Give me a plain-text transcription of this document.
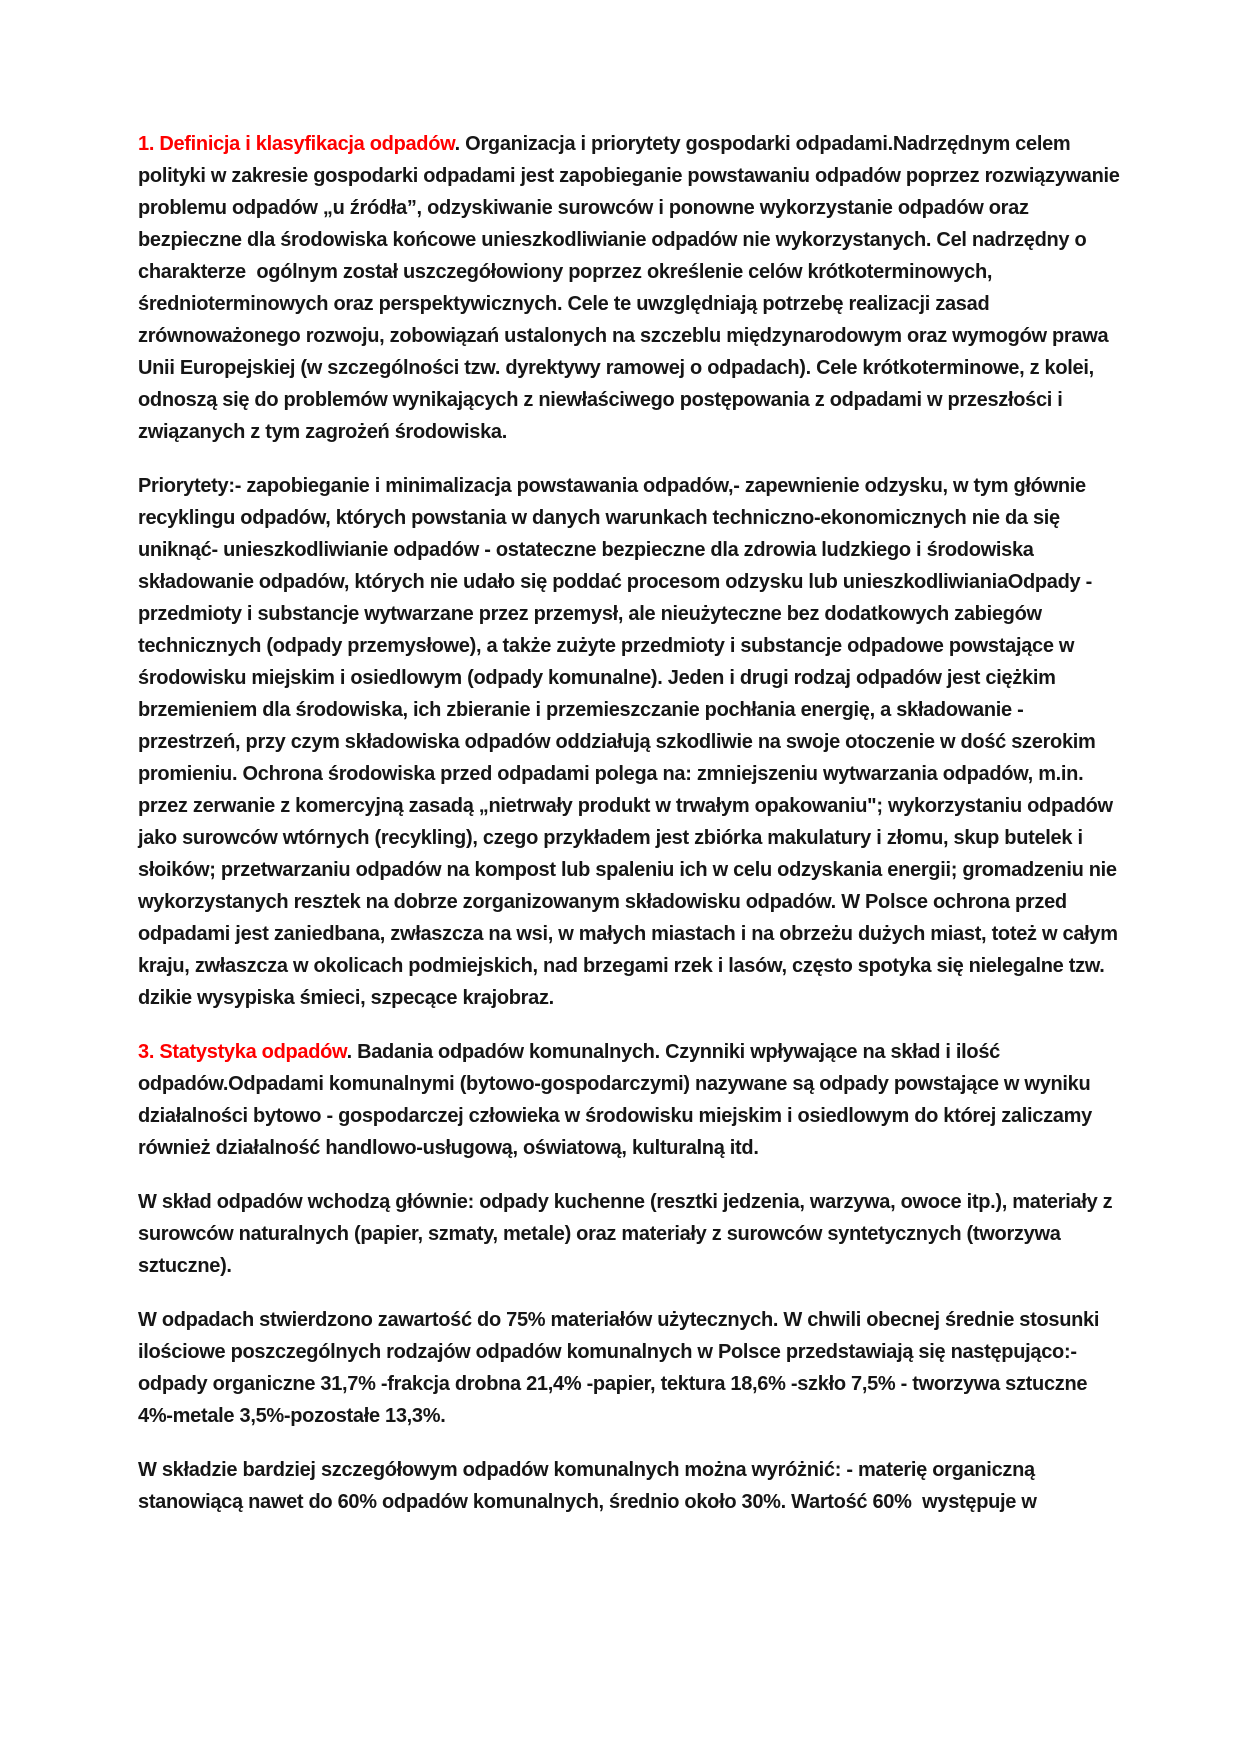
1. Definicja i klasyfikacja odpadów. Organizacja i priorytety gospodarki odpadami.Nadrzędnym celem polityki w zakresie gospodarki odpadami jest zapobieganie powstawaniu odpadów poprzez rozwiązywanie problemu odpadów „u źródła”, odzyskiwanie surowców i ponowne wykorzystanie odpadów oraz bezpieczne dla środowiska końcowe unieszkodliwianie odpadów nie wykorzystanych. Cel nadrzędny o charakterze  ogólnym został uszczegółowiony poprzez określenie celów krótkoterminowych, średnioterminowych oraz perspektywicznych. Cele te uwzględniają potrzebę realizacji zasad zrównoważonego rozwoju, zobowiązań ustalonych na szczeblu międzynarodowym oraz wymogów prawa Unii Europejskiej (w szczególności tzw. dyrektywy ramowej o odpadach). Cele krótkoterminowe, z kolei, odnoszą się do problemów wynikających z niewłaściwego postępowania z odpadami w przeszłości i związanych z tym zagrożeń środowiska.

Priorytety:- zapobieganie i minimalizacja powstawania odpadów,- zapewnienie odzysku, w tym głównie recyklingu odpadów, których powstania w danych warunkach techniczno-ekonomicznych nie da się uniknąć- unieszkodliwianie odpadów - ostateczne bezpieczne dla zdrowia ludzkiego i środowiska składowanie odpadów, których nie udało się poddać procesom odzysku lub unieszkodliwianiaOdpady - przedmioty i substancje wytwarzane przez przemysł, ale nieużyteczne bez dodatkowych zabiegów technicznych (odpady przemysłowe), a także zużyte przedmioty i substancje odpadowe powstające w środowisku miejskim i osiedlowym (odpady komunalne). Jeden i drugi rodzaj odpadów jest ciężkim brzemieniem dla środowiska, ich zbieranie i przemieszczanie pochłania energię, a składowanie - przestrzeń, przy czym składowiska odpadów oddziałują szkodliwie na swoje otoczenie w dość szerokim promieniu. Ochrona środowiska przed odpadami polega na: zmniejszeniu wytwarzania odpadów, m.in. przez zerwanie z komercyjną zasadą „nietrwały produkt w trwałym opakowaniu"; wykorzystaniu odpadów jako surowców wtórnych (recykling), czego przykładem jest zbiórka makulatury i złomu, skup butelek i słoików; przetwarzaniu odpadów na kompost lub spaleniu ich w celu odzyskania energii; gromadzeniu nie wykorzystanych resztek na dobrze zorganizowanym składowisku odpadów. W Polsce ochrona przed odpadami jest zaniedbana, zwłaszcza na wsi, w małych miastach i na obrzeżu dużych miast, toteż w całym kraju, zwłaszcza w okolicach podmiejskich, nad brzegami rzek i lasów, często spotyka się nielegalne tzw. dzikie wysypiska śmieci, szpecące krajobraz.

3. Statystyka odpadów. Badania odpadów komunalnych. Czynniki wpływające na skład i ilość odpadów.Odpadami komunalnymi (bytowo-gospodarczymi) nazywane są odpady powstające w wyniku działalności bytowo - gospodarczej człowieka w środowisku miejskim i osiedlowym do której zaliczamy również działalność handlowo-usługową, oświatową, kulturalną itd.

W skład odpadów wchodzą głównie: odpady kuchenne (resztki jedzenia, warzywa, owoce itp.), materiały z surowców naturalnych (papier, szmaty, metale) oraz materiały z surowców syntetycznych (tworzywa sztuczne).

W odpadach stwierdzono zawartość do 75% materiałów użytecznych. W chwili obecnej średnie stosunki ilościowe poszczególnych rodzajów odpadów komunalnych w Polsce przedstawiają się następująco:-odpady organiczne 31,7% -frakcja drobna 21,4% -papier, tektura 18,6% -szkło 7,5% - tworzywa sztuczne 4%-metale 3,5%-pozostałe 13,3%.

W składzie bardziej szczegółowym odpadów komunalnych można wyróżnić: - materię organiczną stanowiącą nawet do 60% odpadów komunalnych, średnio około 30%. Wartość 60%  występuje w
